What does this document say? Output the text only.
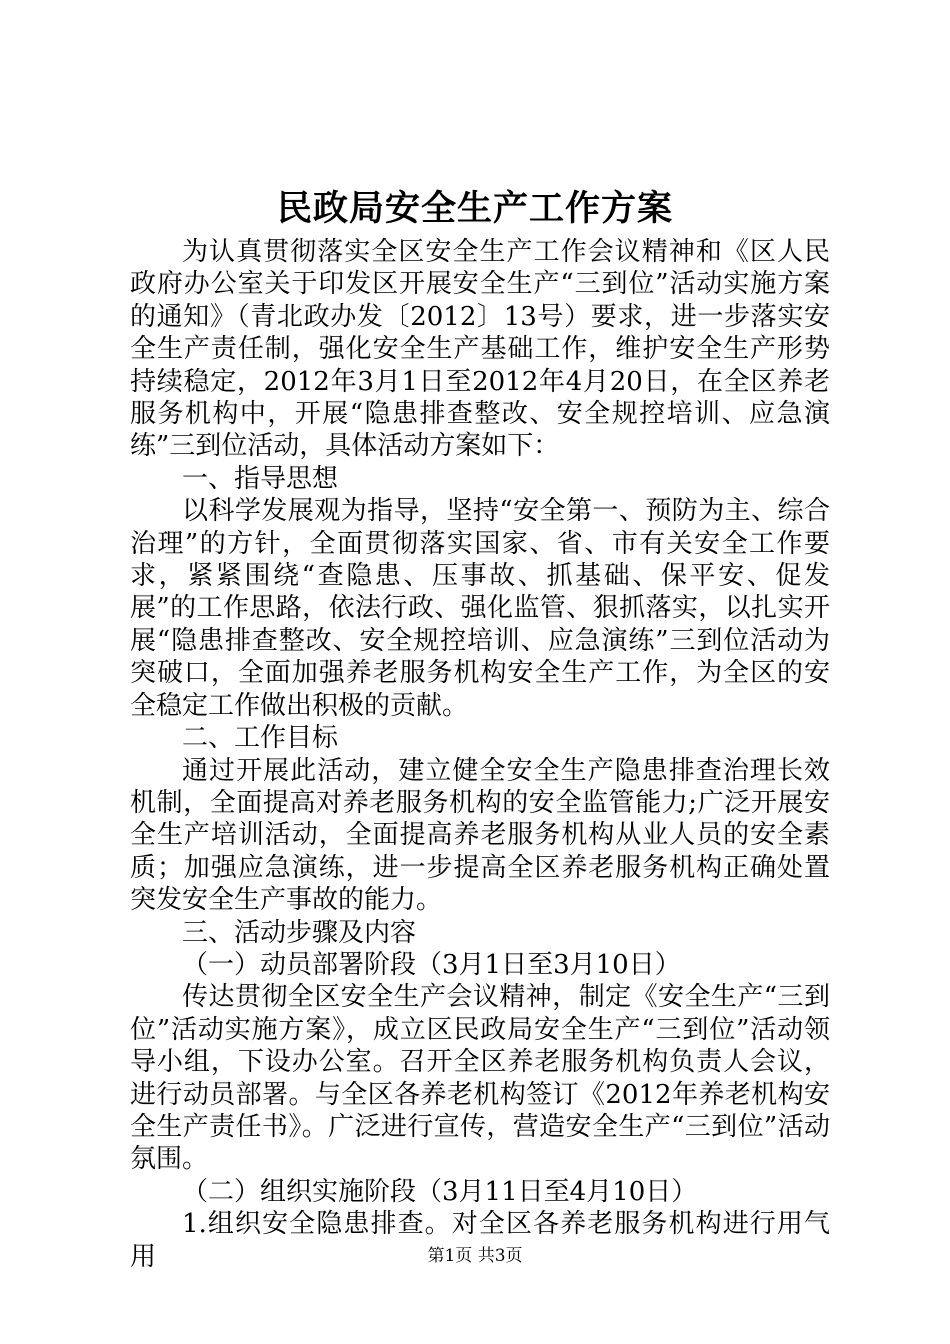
民政局安全生产工作方案

为认真贯彻落实全区安全生产工作会议精神和《区人民政府办公室关于印发区开展安全生产“三到位”活动实施方案的通知》（青北政办发〔2012〕13号）要求，进一步落实安全生产责任制，强化安全生产基础工作，维护安全生产形势持续稳定，2012年3月1日至2012年4月20日，在全区养老服务机构中，开展“隐患排查整改、安全规控培训、应急演练”三到位活动，具体活动方案如下：

一、指导思想

以科学发展观为指导，坚持“安全第一、预防为主、综合治理”的方针，全面贯彻落实国家、省、市有关安全工作要求，紧紧围绕“查隐患、压事故、抓基础、保平安、促发展”的工作思路，依法行政、强化监管、狠抓落实，以扎实开展“隐患排查整改、安全规控培训、应急演练”三到位活动为突破口，全面加强养老服务机构安全生产工作，为全区的安全稳定工作做出积极的贡献。

二、工作目标

通过开展此活动，建立健全安全生产隐患排查治理长效机制，全面提高对养老服务机构的安全监管能力;广泛开展安全生产培训活动，全面提高养老服务机构从业人员的安全素质；加强应急演练，进一步提高全区养老服务机构正确处置突发安全生产事故的能力。

三、活动步骤及内容

（一）动员部署阶段（3月1日至3月10日）

传达贯彻全区安全生产会议精神，制定《安全生产“三到位”活动实施方案》，成立区民政局安全生产“三到位”活动领导小组，下设办公室。召开全区养老服务机构负责人会议，进行动员部署。与全区各养老机构签订《2012年养老机构安全生产责任书》。广泛进行宣传，营造安全生产“三到位”活动氛围。

（二）组织实施阶段（3月11日至4月10日）

1.组织安全隐患排查。对全区各养老服务机构进行用气用	第1页 共3页
